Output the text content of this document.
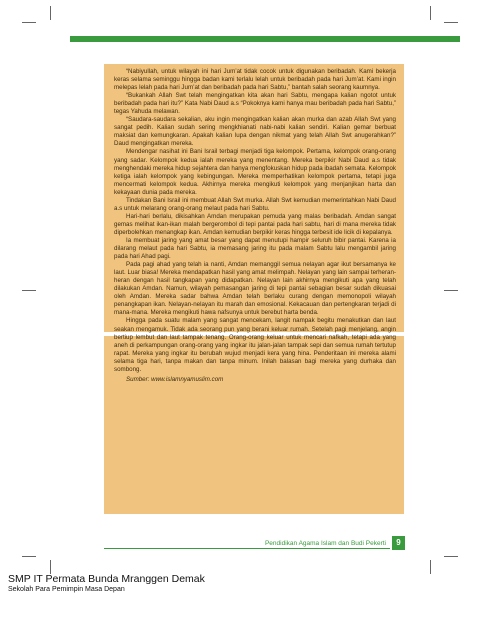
“Nabiyullah, untuk wilayah ini hari Jum’at tidak cocok untuk digunakan beribadah. Kami bekerja keras selama seminggu hingga badan kami terlalu lelah untuk beribadah pada hari Jum’at. Kami ingin melepas lelah pada hari Jum’at dan beribadah pada hari Sabtu,” bantah salah seorang kaumnya.

“Bukankah Allah Swt telah mengingatkan kita akan hari Sabtu, mengapa kalian ngotot untuk beribadah pada hari itu?” Kata Nabi Daud a.s “Pokoknya kami hanya mau beribadah pada hari Sabtu,” tegas Yahuda melawan.

“Saudara-saudara sekalian, aku ingin mengingatkan kalian akan murka dan azab Allah Swt yang sangat pedih. Kalian sudah sering mengkhianati nabi-nabi kalian sendiri. Kalian gemar berbuat maksiat dan kemungkaran. Apakah kalian lupa dengan nikmat yang telah Allah Swt anugerahkan?” Daud mengingatkan mereka.

Mendengar nasihat ini Bani Israil terbagi menjadi tiga kelompok. Pertama, kelompok orang-orang yang sadar. Kelompok kedua ialah mereka yang menentang. Mereka berpikir Nabi Daud a.s tidak menghendaki mereka hidup sejahtera dan hanya mengfokuskan hidup pada ibadah semata. Kelompok ketiga ialah kelompok yang kebingungan. Mereka memperhatikan kelompok pertama, tetapi juga mencermati kelompok kedua. Akhirnya mereka mengikuti kelompok yang menjanjikan harta dan kekayaan dunia pada mereka.

Tindakan Bani Israil ini membuat Allah Swt murka. Allah Swt kemudian memerintahkan Nabi Daud a.s untuk melarang orang-orang melaut pada hari Sabtu.

Hari-hari berlalu, dikisahkan Amdan merupakan pemuda yang malas beribadah. Amdan sangat gemas melihat ikan-ikan malah bergerombol di tepi pantai pada hari sabtu, hari di mana mereka tidak diperbolehkan menangkap ikan. Amdan kemudian berpikir keras hingga terbesit ide licik di kepalanya.

Ia membuat jaring yang amat besar yang dapat menutupi hampir seluruh bibir pantai. Karena ia dilarang melaut pada hari Sabtu, ia memasang jaring itu pada malam Sabtu lalu mengambil jaring pada hari Ahad pagi.

Pada pagi ahad yang telah ia nanti, Amdan memanggil semua nelayan agar ikut bersamanya ke laut. Luar biasa! Mereka mendapatkan hasil yang amat melimpah. Nelayan yang lain sampai terheran-heran dengan hasil tangkapan yang didapatkan. Nelayan lain akhirnya mengikuti apa yang telah dilakukan Amdan. Namun, wilayah pemasangan jaring di tepi pantai sebagian besar sudah dikuasai oleh Amdan. Mereka sadar bahwa Amdan telah berlaku curang dengan memonopoli wilayah penangkapan ikan. Nelayan-nelayan itu marah dan emosional. Kekacauan dan pertengkaran terjadi di mana-mana. Mereka mengikuti hawa nafsunya untuk berebut harta benda.

Hingga pada suatu malam yang sangat mencekam, langit nampak begitu menakutkan dan laut seakan mengamuk. Tidak ada seorang pun yang berani keluar rumah. Setelah pagi menjelang, angin bertiup lembut dan laut tampak tenang. Orang-orang keluar untuk mencari nafkah, tetapi ada yang aneh di perkampungan orang-orang yang ingkar itu jalan-jalan tampak sepi dan semua rumah tertutup rapat. Mereka yang ingkar itu berubah wujud menjadi kera yang hina. Penderitaan ini mereka alami selama tiga hari, tanpa makan dan tanpa minum. Inilah balasan bagi mereka yang durhaka dan sombong.

Sumber: www.islamnyamuslim.com

Pendidikan Agama Islam dan Budi Pekerti	9
SMP IT Permata Bunda Mranggen Demak
Sekolah Para Pemimpin Masa Depan
